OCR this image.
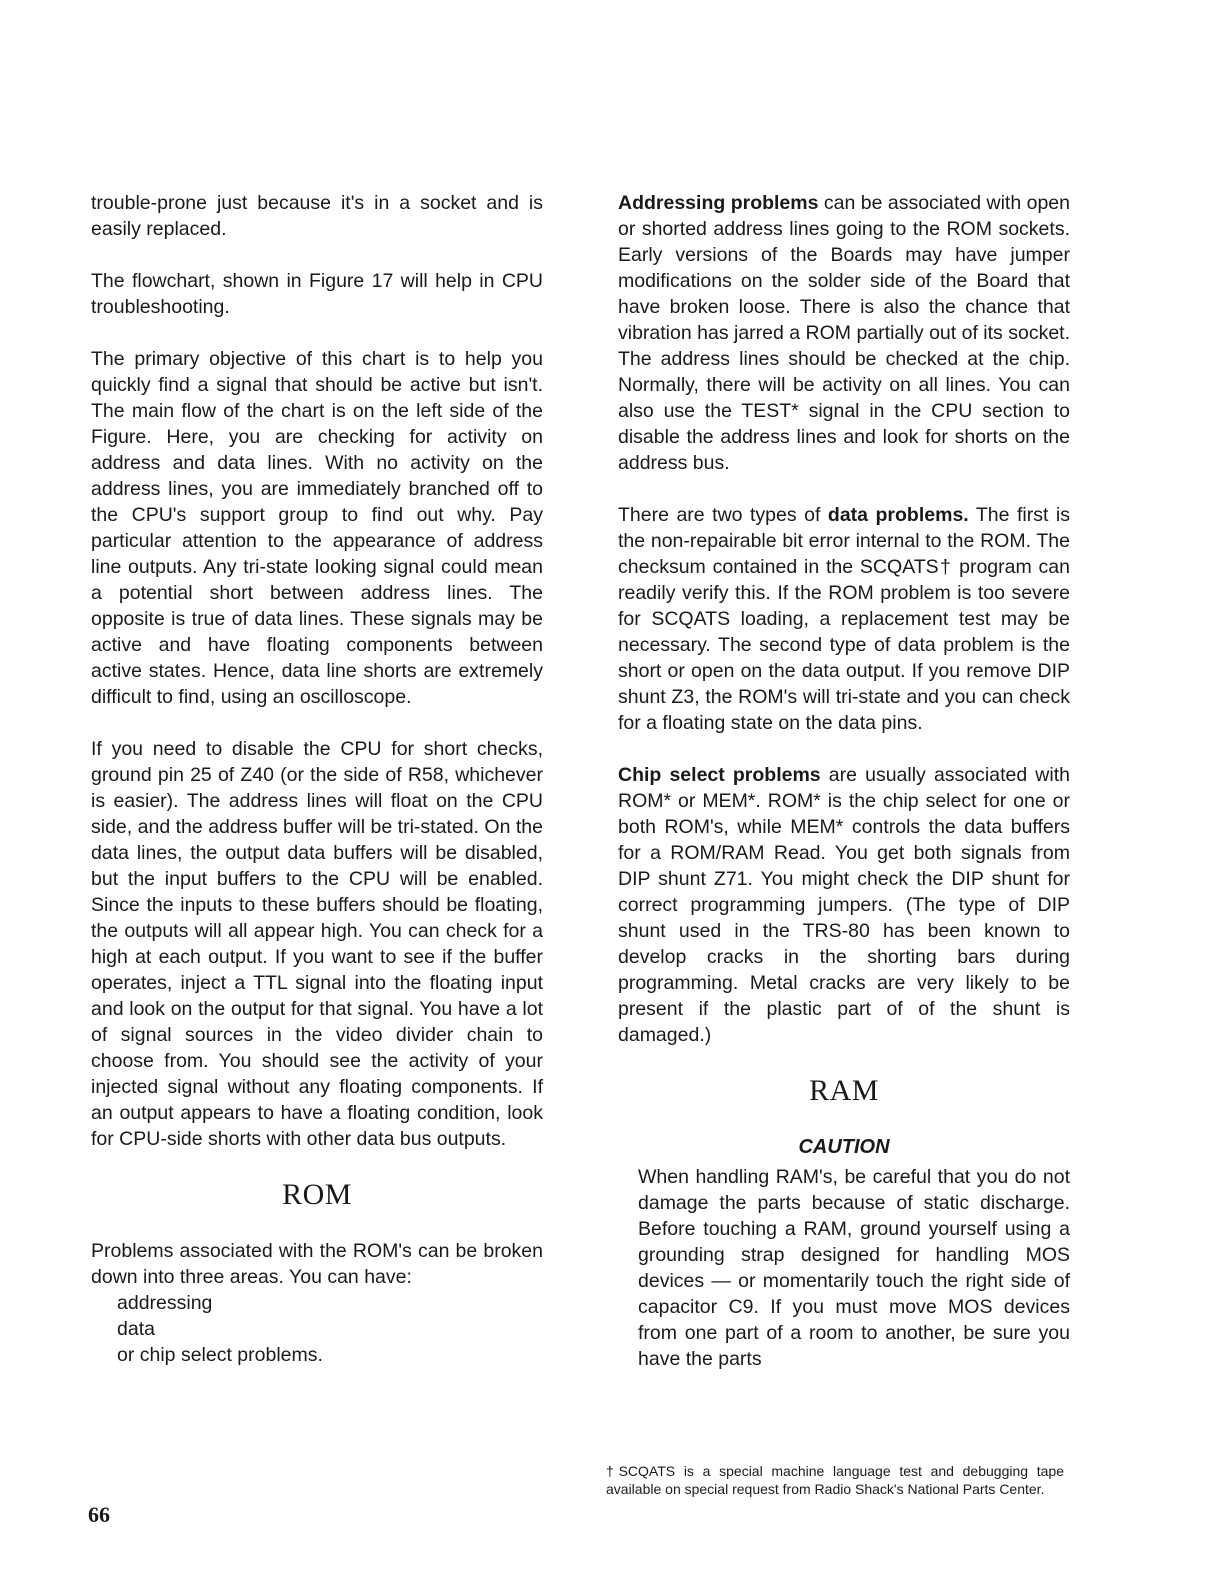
trouble-prone just because it's in a socket and is easily replaced.

The flowchart, shown in Figure 17 will help in CPU troubleshooting.

The primary objective of this chart is to help you quickly find a signal that should be active but isn't. The main flow of the chart is on the left side of the Figure. Here, you are checking for activity on address and data lines. With no activity on the address lines, you are immediately branched off to the CPU's support group to find out why. Pay particular attention to the appearance of address line outputs. Any tri-state looking signal could mean a potential short between address lines. The opposite is true of data lines. These signals may be active and have floating components between active states. Hence, data line shorts are extremely difficult to find, using an oscilloscope.

If you need to disable the CPU for short checks, ground pin 25 of Z40 (or the side of R58, whichever is easier). The address lines will float on the CPU side, and the address buffer will be tri-stated. On the data lines, the output data buffers will be disabled, but the input buffers to the CPU will be enabled. Since the inputs to these buffers should be floating, the outputs will all appear high. You can check for a high at each output. If you want to see if the buffer operates, inject a TTL signal into the floating input and look on the output for that signal. You have a lot of signal sources in the video divider chain to choose from. You should see the activity of your injected signal without any floating components. If an output appears to have a floating condition, look for CPU-side shorts with other data bus outputs.

ROM

Problems associated with the ROM's can be broken down into three areas. You can have:

addressing
data
or chip select problems.

Addressing problems can be associated with open or shorted address lines going to the ROM sockets. Early versions of the Boards may have jumper modifications on the solder side of the Board that have broken loose. There is also the chance that vibration has jarred a ROM partially out of its socket. The address lines should be checked at the chip. Normally, there will be activity on all lines. You can also use the TEST* signal in the CPU section to disable the address lines and look for shorts on the address bus.

There are two types of data problems. The first is the non-repairable bit error internal to the ROM. The checksum contained in the SCQATS† program can readily verify this. If the ROM problem is too severe for SCQATS loading, a replacement test may be necessary. The second type of data problem is the short or open on the data output. If you remove DIP shunt Z3, the ROM's will tri-state and you can check for a floating state on the data pins.

Chip select problems are usually associated with ROM* or MEM*. ROM* is the chip select for one or both ROM's, while MEM* controls the data buffers for a ROM/RAM Read. You get both signals from DIP shunt Z71. You might check the DIP shunt for correct programming jumpers. (The type of DIP shunt used in the TRS-80 has been known to develop cracks in the shorting bars during programming. Metal cracks are very likely to be present if the plastic part of of the shunt is damaged.)

RAM
CAUTION
When handling RAM's, be careful that you do not damage the parts because of static discharge. Before touching a RAM, ground yourself using a grounding strap designed for handling MOS devices — or momentarily touch the right side of capacitor C9. If you must move MOS devices from one part of a room to another, be sure you have the parts
†SCQATS is a special machine language test and debugging tape available on special request from Radio Shack's National Parts Center.
66
